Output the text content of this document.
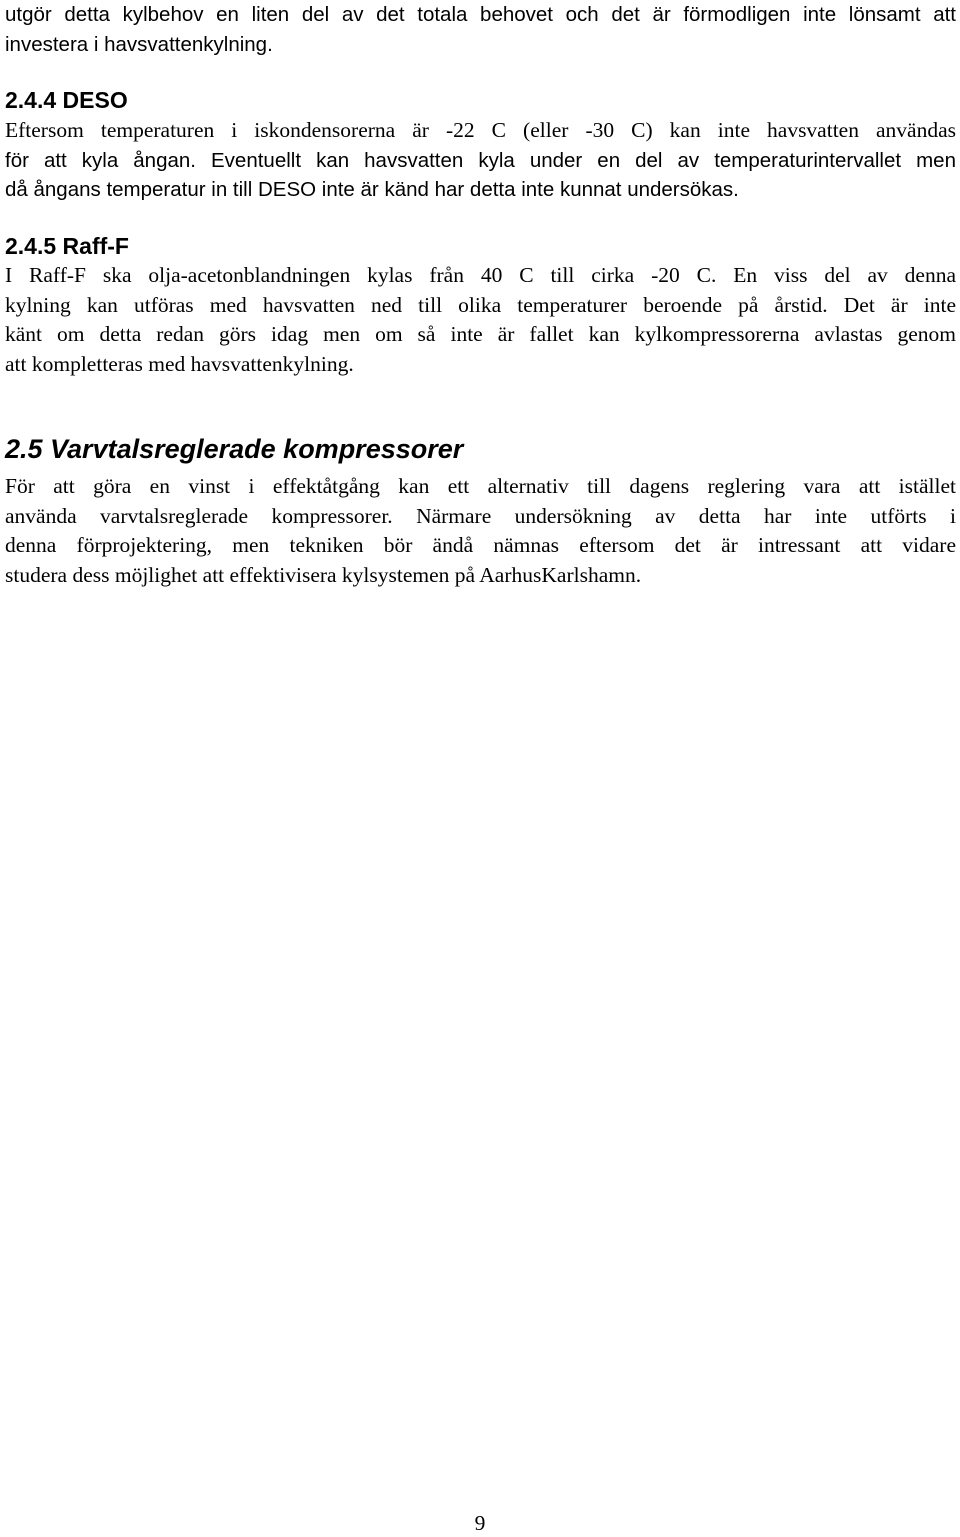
utgör detta kylbehov en liten del av det totala behovet och det är förmodligen inte lönsamt att
investera i havsvattenkylning.
2.4.4 DESO
Eftersom temperaturen i iskondensorerna är -22 C (eller -30 C) kan inte havsvatten användas
för att kyla ångan. Eventuellt kan havsvatten kyla under en del av temperaturintervallet men
då ångans temperatur in till DESO inte är känd har detta inte kunnat undersökas.
2.4.5 Raff-F
I Raff-F ska olja-acetonblandningen kylas från 40 C till cirka -20 C. En viss del av denna
kylning kan utföras med havsvatten ned till olika temperaturer beroende på årstid. Det är inte
känt om detta redan görs idag men om så inte är fallet kan kylkompressorerna avlastas genom
att kompletteras med havsvattenkylning.
2.5 Varvtalsreglerade kompressorer
För att göra en vinst i effektåtgång kan ett alternativ till dagens reglering vara att istället
använda varvtalsreglerade kompressorer. Närmare undersökning av detta har inte utförts i
denna förprojektering, men tekniken bör ändå nämnas eftersom det är intressant att vidare
studera dess möjlighet att effektivisera kylsystemen på AarhusKarlshamn.
9
